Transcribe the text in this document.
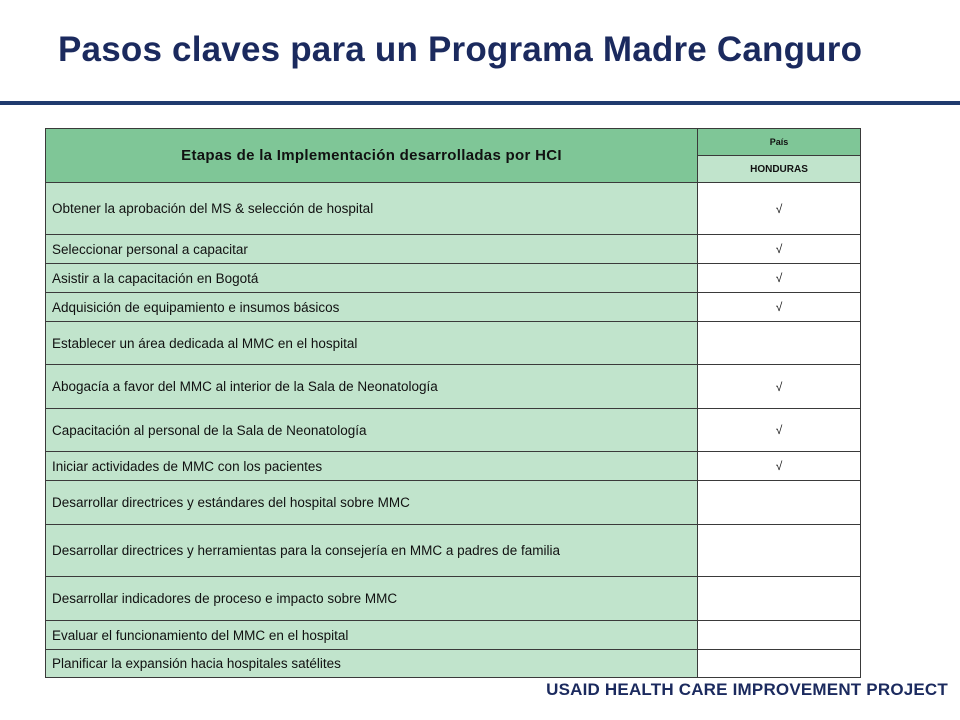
Pasos claves para un Programa Madre Canguro
Etapas de la Implementación desarrolladas por HCI	País
	HONDURAS
Obtener la aprobación del MS & selección de hospital	√
Seleccionar personal a capacitar	√
Asistir a la capacitación en Bogotá	√
Adquisición de equipamiento e insumos básicos	√
Establecer un área dedicada al MMC en el hospital	
Abogacía a favor del MMC al interior de la Sala de Neonatología	√
Capacitación al personal de la Sala de Neonatología	√
Iniciar actividades de MMC con los pacientes	√
Desarrollar directrices y estándares del hospital sobre MMC	
Desarrollar directrices y herramientas para la consejería en MMC a padres de familia	
Desarrollar indicadores de proceso e impacto sobre MMC	
Evaluar el funcionamiento del MMC en el hospital	
Planificar la expansión hacia hospitales satélites	
USAID HEALTH CARE IMPROVEMENT PROJECT
